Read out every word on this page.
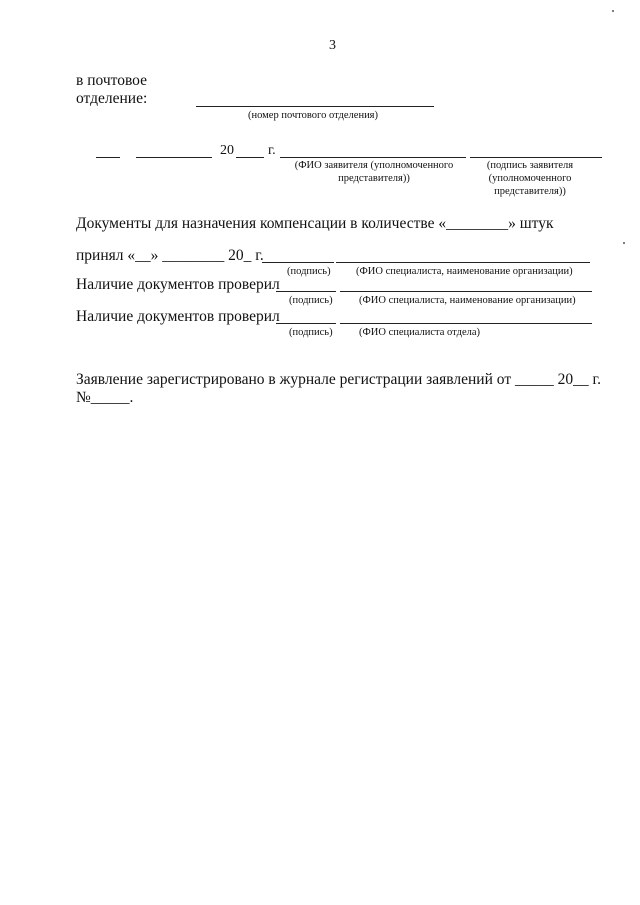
3
в почтовое
отделение:
(номер почтового отделения)
20 г.
(ФИО заявителя (уполномоченного
представителя))
(подпись заявителя
(уполномоченного
представителя))
Документы для назначения компенсации в количестве «________» штук
принял «__» ________ 20_ г.
(подпись) (ФИО специалиста, наименование организации)
Наличие документов проверил
(подпись)	(ФИО специалиста, наименование организации)
Наличие документов проверил
(подпись)	(ФИО специалиста отдела)
Заявление зарегистрировано в журнале регистрации заявлений от _____ 20__ г.
№_____.
